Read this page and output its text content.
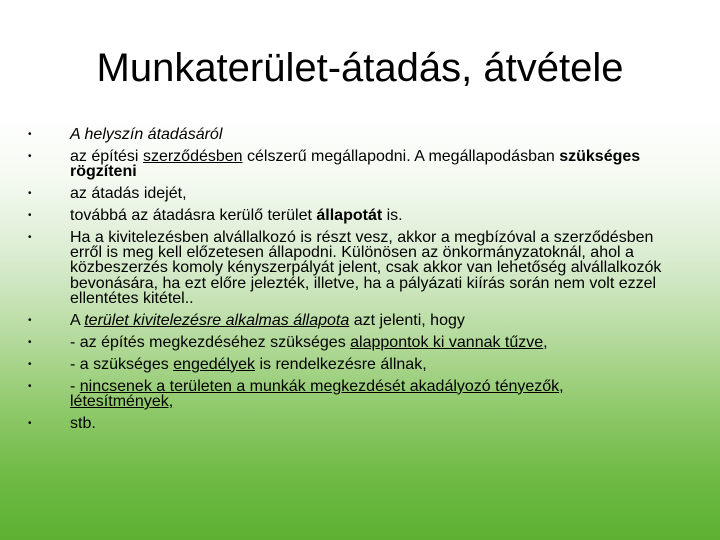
Munkaterület-átadás, átvétele
• A helyszín átadásáról
• az építési szerződésben célszerű megállapodni. A megállapodásban szükséges rögzíteni
• az átadás idejét,
• továbbá az átadásra kerülő terület állapotát is.
• Ha a kivitelezésben alvállalkozó is részt vesz, akkor a megbízóval a szerződésben erről is meg kell előzetesen állapodni. Különösen az önkormányzatoknál, ahol a közbeszerzés komoly kényszerpályát jelent, csak akkor van lehetőség alvállalkozók bevonására, ha ezt előre jelezték, illetve, ha a pályázati kiírás során nem volt ezzel ellentétes kitétel..
• A terület kivitelezésre alkalmas állapota azt jelenti, hogy
• - az építés megkezdéséhez szükséges alappontok ki vannak tűzve,
• - a szükséges engedélyek is rendelkezésre állnak,
• - nincsenek a területen a munkák megkezdését akadályozó tényezők, létesítmények,
• stb.
